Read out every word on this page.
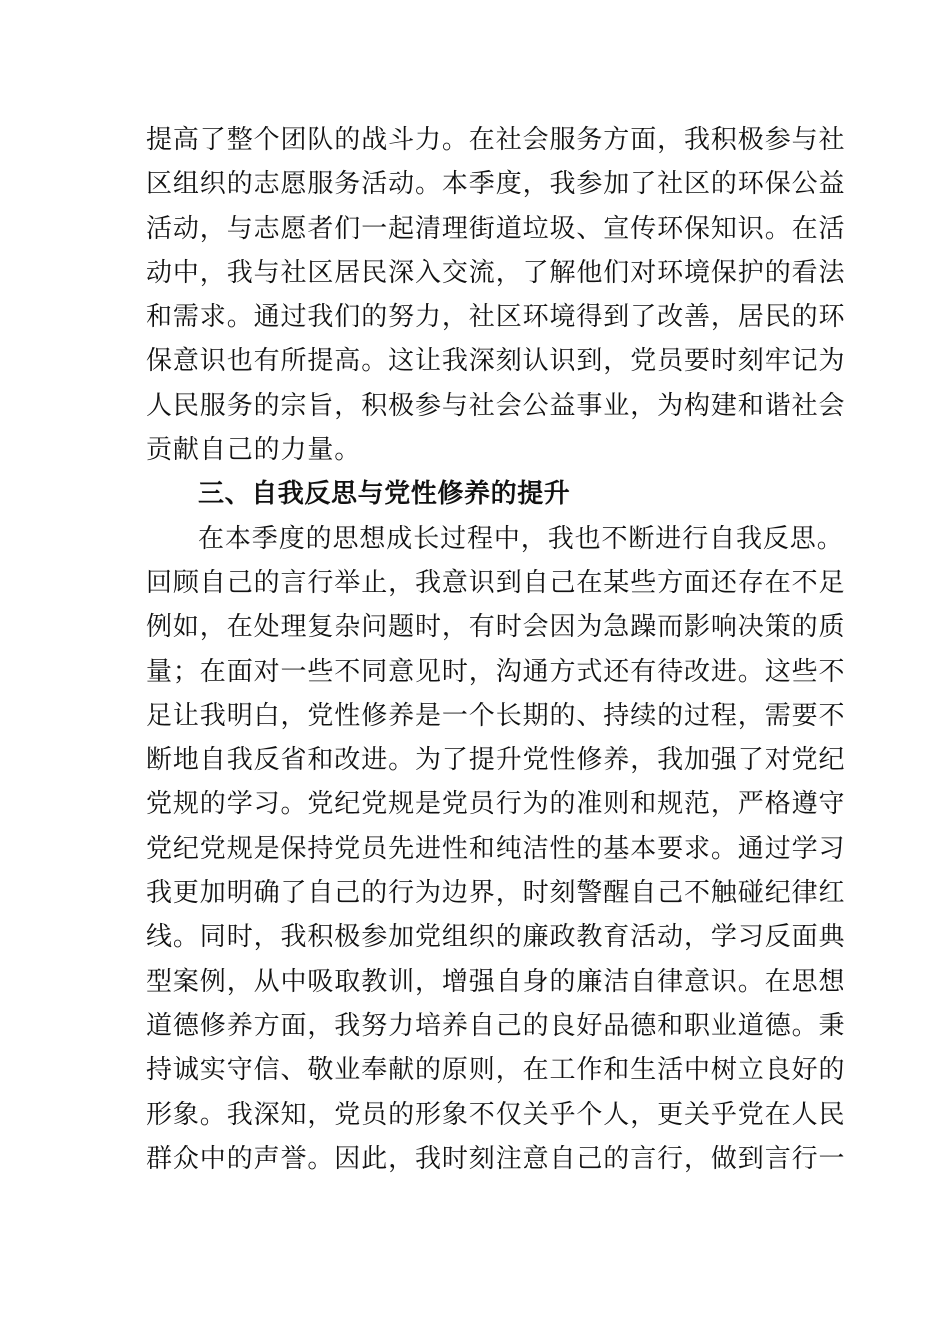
提高了整个团队的战斗力。在社会服务方面，我积极参与社
区组织的志愿服务活动。本季度，我参加了社区的环保公益
活动，与志愿者们一起清理街道垃圾、宣传环保知识。在活
动中，我与社区居民深入交流，了解他们对环境保护的看法
和需求。通过我们的努力，社区环境得到了改善，居民的环
保意识也有所提高。这让我深刻认识到，党员要时刻牢记为
人民服务的宗旨，积极参与社会公益事业，为构建和谐社会
贡献自己的力量。
三、自我反思与党性修养的提升
在本季度的思想成长过程中，我也不断进行自我反思。
回顾自己的言行举止，我意识到自己在某些方面还存在不足
例如，在处理复杂问题时，有时会因为急躁而影响决策的质
量；在面对一些不同意见时，沟通方式还有待改进。这些不
足让我明白，党性修养是一个长期的、持续的过程，需要不
断地自我反省和改进。为了提升党性修养，我加强了对党纪
党规的学习。党纪党规是党员行为的准则和规范，严格遵守
党纪党规是保持党员先进性和纯洁性的基本要求。通过学习
我更加明确了自己的行为边界，时刻警醒自己不触碰纪律红
线。同时，我积极参加党组织的廉政教育活动，学习反面典
型案例，从中吸取教训，增强自身的廉洁自律意识。在思想
道德修养方面，我努力培养自己的良好品德和职业道德。秉
持诚实守信、敬业奉献的原则，在工作和生活中树立良好的
形象。我深知，党员的形象不仅关乎个人，更关乎党在人民
群众中的声誉。因此，我时刻注意自己的言行，做到言行一
